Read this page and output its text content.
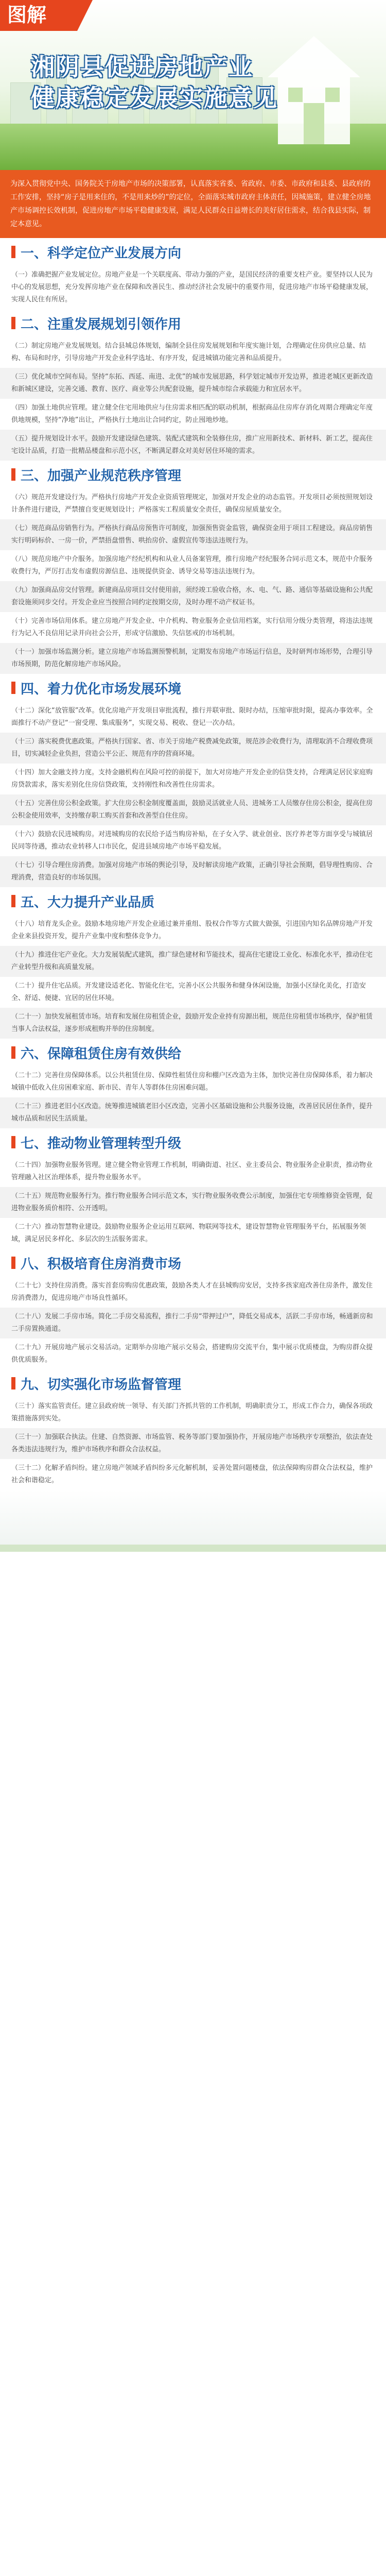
图解
湘阴县促进房地产业
健康稳定发展实施意见
为深入贯彻党中央、国务院关于房地产市场的决策部署，认真落实省委、省政府、市委、市政府和县委、县政府的工作安排，坚持“房子是用来住的，不是用来炒的”的定位，全面落实城市政府主体责任，因城施策，建立健全房地产市场调控长效机制，促进房地产市场平稳健康发展，满足人民群众日益增长的美好居住需求，结合我县实际，制定本意见。
一、科学定位产业发展方向

（一）准确把握产业发展定位。房地产业是一个关联度高、带动力强的产业，是国民经济的重要支柱产业。要坚持以人民为中心的发展思想，充分发挥房地产业在保障和改善民生、推动经济社会发展中的重要作用，促进房地产市场平稳健康发展，实现人民住有所居。

二、注重发展规划引领作用

（二）制定房地产业发展规划。结合县城总体规划，编制全县住房发展规划和年度实施计划，合理确定住房供应总量、结构、布局和时序，引导房地产开发企业科学选址、有序开发，促进城镇功能完善和品质提升。

（三）优化城市空间布局。坚持“东拓、西延、南进、北优”的城市发展思路，科学划定城市开发边界，推进老城区更新改造和新城区建设，完善交通、教育、医疗、商业等公共配套设施，提升城市综合承载能力和宜居水平。

（四）加强土地供应管理。建立健全住宅用地供应与住房需求相匹配的联动机制，根据商品住房库存消化周期合理确定年度供地规模，坚持“净地”出让，严格执行土地出让合同约定，防止囤地炒地。

（五）提升规划设计水平。鼓励开发建设绿色建筑、装配式建筑和全装修住房，推广应用新技术、新材料、新工艺，提高住宅设计品质，打造一批精品楼盘和示范小区，不断满足群众对美好居住环境的需求。

三、加强产业规范秩序管理

（六）规范开发建设行为。严格执行房地产开发企业资质管理规定，加强对开发企业的动态监管。开发项目必须按照规划设计条件进行建设，严禁擅自变更规划设计；严格落实工程质量安全责任，确保房屋质量安全。

（七）规范商品房销售行为。严格执行商品房预售许可制度，加强预售资金监管，确保资金用于项目工程建设。商品房销售实行明码标价、一房一价，严禁捂盘惜售、哄抬房价、虚假宣传等违法违规行为。

（八）规范房地产中介服务。加强房地产经纪机构和从业人员备案管理，推行房地产经纪服务合同示范文本，规范中介服务收费行为，严厉打击发布虚假房源信息、违规提供资金、诱导交易等违法违规行为。

（九）加强商品房交付管理。新建商品房项目交付使用前，须经竣工验收合格，水、电、气、路、通信等基础设施和公共配套设施须同步交付。开发企业应当按照合同约定按期交房，及时办理不动产权证书。

（十）完善市场信用体系。建立房地产开发企业、中介机构、物业服务企业信用档案，实行信用分级分类管理，将违法违规行为记入不良信用记录并向社会公开，形成守信激励、失信惩戒的市场机制。

（十一）加强市场监测分析。建立房地产市场监测预警机制，定期发布房地产市场运行信息，及时研判市场形势，合理引导市场预期，防范化解房地产市场风险。

四、着力优化市场发展环境

（十二）深化“放管服”改革。优化房地产开发项目审批流程，推行并联审批、限时办结，压缩审批时限，提高办事效率。全面推行不动产登记“一窗受理、集成服务”，实现交易、税收、登记一次办结。

（十三）落实税费优惠政策。严格执行国家、省、市关于房地产税费减免政策，规范涉企收费行为，清理取消不合理收费项目，切实减轻企业负担，营造公平公正、规范有序的营商环境。

（十四）加大金融支持力度。支持金融机构在风险可控的前提下，加大对房地产开发企业的信贷支持，合理满足居民家庭购房贷款需求，落实差别化住房信贷政策，支持刚性和改善性住房需求。

（十五）完善住房公积金政策。扩大住房公积金制度覆盖面，鼓励灵活就业人员、进城务工人员缴存住房公积金，提高住房公积金使用效率，支持缴存职工购买首套和改善型自住住房。

（十六）鼓励农民进城购房。对进城购房的农民给予适当购房补贴，在子女入学、就业创业、医疗养老等方面享受与城镇居民同等待遇，推动农业转移人口市民化，促进县域房地产市场平稳发展。

（十七）引导合理住房消费。加强对房地产市场的舆论引导，及时解读房地产政策，正确引导社会预期，倡导理性购房、合理消费，营造良好的市场氛围。

五、大力提升产业品质

（十八）培育龙头企业。鼓励本地房地产开发企业通过兼并重组、股权合作等方式做大做强，引进国内知名品牌房地产开发企业来县投资开发，提升产业集中度和整体竞争力。

（十九）推进住宅产业化。大力发展装配式建筑，推广绿色建材和节能技术，提高住宅建设工业化、标准化水平，推动住宅产业转型升级和高质量发展。

（二十）提升住宅品质。开发建设适老化、智能化住宅，完善小区公共服务和健身休闲设施，加强小区绿化美化，打造安全、舒适、便捷、宜居的居住环境。

（二十一）加快发展租赁市场。培育和发展住房租赁企业，鼓励开发企业持有房源出租，规范住房租赁市场秩序，保护租赁当事人合法权益，逐步形成租购并举的住房制度。

六、保障租赁住房有效供给

（二十二）完善住房保障体系。以公共租赁住房、保障性租赁住房和棚户区改造为主体，加快完善住房保障体系，着力解决城镇中低收入住房困难家庭、新市民、青年人等群体住房困难问题。

（二十三）推进老旧小区改造。统筹推进城镇老旧小区改造，完善小区基础设施和公共服务设施，改善居民居住条件，提升城市品质和居民生活质量。

七、推动物业管理转型升级

（二十四）加强物业服务管理。建立健全物业管理工作机制，明确街道、社区、业主委员会、物业服务企业职责，推动物业管理融入社区治理体系，提升物业服务水平。

（二十五）规范物业服务行为。推行物业服务合同示范文本，实行物业服务收费公示制度，加强住宅专项维修资金管理，促进物业服务质价相符、公开透明。

（二十六）推动智慧物业建设。鼓励物业服务企业运用互联网、物联网等技术，建设智慧物业管理服务平台，拓展服务领域，满足居民多样化、多层次的生活服务需求。

八、积极培育住房消费市场

（二十七）支持住房消费。落实首套房购房优惠政策，鼓励各类人才在县城购房安居，支持多孩家庭改善住房条件，激发住房消费潜力，促进房地产市场良性循环。

（二十八）发展二手房市场。简化二手房交易流程，推行二手房“带押过户”，降低交易成本，活跃二手房市场，畅通新房和二手房置换通道。

（二十九）开展房地产展示交易活动。定期举办房地产展示交易会，搭建购房交流平台，集中展示优质楼盘，为购房群众提供优质服务。

九、切实强化市场监督管理

（三十）落实监管责任。建立县政府统一领导、有关部门齐抓共管的工作机制，明确职责分工，形成工作合力，确保各项政策措施落到实处。

（三十一）加强联合执法。住建、自然资源、市场监管、税务等部门要加强协作，开展房地产市场秩序专项整治，依法查处各类违法违规行为，维护市场秩序和群众合法权益。

（三十二）化解矛盾纠纷。建立房地产领域矛盾纠纷多元化解机制，妥善处置问题楼盘，依法保障购房群众合法权益，维护社会和谐稳定。
